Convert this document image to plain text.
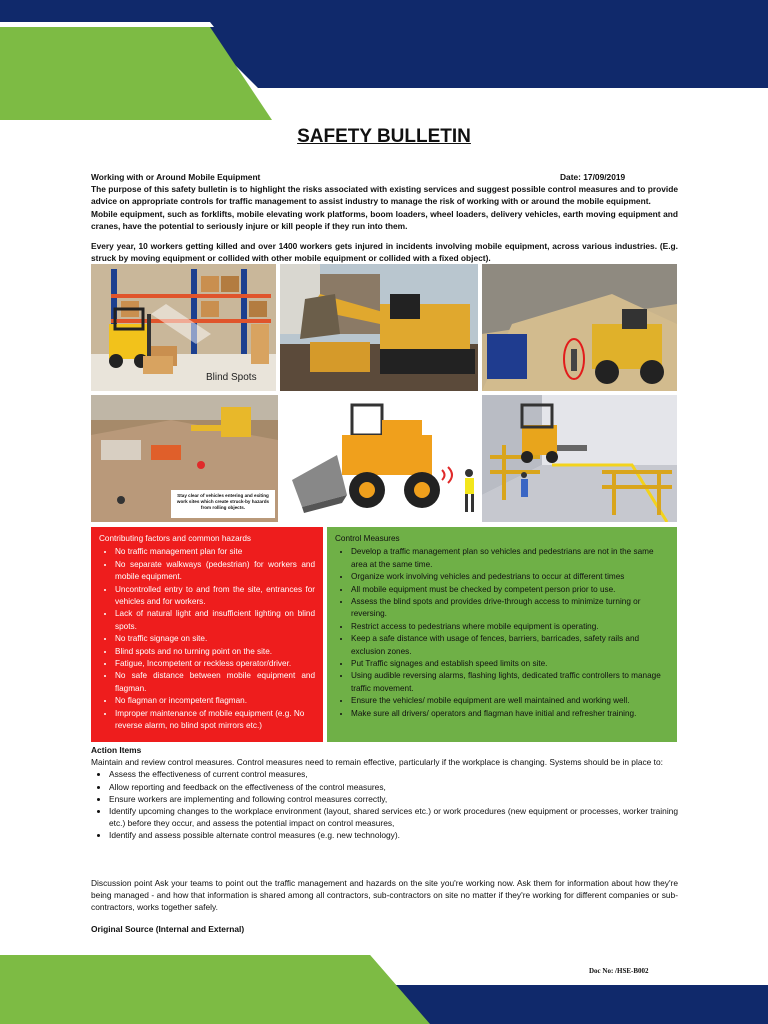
SAFETY BULLETIN
Working with or Around Mobile Equipment	Date: 17/09/2019
The purpose of this safety bulletin is to highlight the risks associated with existing services and suggest possible control measures and to provide advice on appropriate controls for traffic management to assist industry to manage the risk of working with or around the mobile equipment.
Mobile equipment, such as forklifts, mobile elevating work platforms, boom loaders, wheel loaders, delivery vehicles, earth moving equipment and cranes, have the potential to seriously injure or kill people if they run into them.
Every year, 10 workers getting killed and over 1400 workers gets injured in incidents involving mobile equipment, across various industries. (E.g. struck by moving equipment or collided with other mobile equipment or collided with a fixed object).
Blind Spots
Stay clear of vehicles entering and exiting work sites which create struck-by hazards from rolling objects.
Contributing factors and common hazards
• No traffic management plan for site
• No separate walkways (pedestrian) for workers and mobile equipment.
• Uncontrolled entry to and from the site, entrances for vehicles and for workers.
• Lack of natural light and insufficient lighting on blind spots.
• No traffic signage on site.
• Blind spots and no turning point on the site.
• Fatigue, Incompetent or reckless operator/driver.
• No safe distance between mobile equipment and flagman.
• No flagman or incompetent flagman.
• Improper maintenance of mobile equipment (e.g. No reverse alarm, no blind spot mirrors etc.)
Control Measures
• Develop a traffic management plan so vehicles and pedestrians are not in the same area at the same time.
• Organize work involving vehicles and pedestrians to occur at different times
• All mobile equipment must be checked by competent person prior to use.
• Assess the blind spots and provides drive-through access to minimize turning or reversing.
• Restrict access to pedestrians where mobile equipment is operating.
• Keep a safe distance with usage of fences, barriers, barricades, safety rails and exclusion zones.
• Put Traffic signages and establish speed limits on site.
• Using audible reversing alarms, flashing lights, dedicated traffic controllers to manage traffic movement.
• Ensure the vehicles/ mobile equipment are well maintained and working well.
• Make sure all drivers/ operators and flagman have initial and refresher training.
Action Items
Maintain and review control measures. Control measures need to remain effective, particularly if the workplace is changing. Systems should be in place to:
• Assess the effectiveness of current control measures,
• Allow reporting and feedback on the effectiveness of the control measures,
• Ensure workers are implementing and following control measures correctly,
• Identify upcoming changes to the workplace environment (layout, shared services etc.) or work procedures (new equipment or processes, worker training etc.) before they occur, and assess the potential impact on control measures,
• Identify and assess possible alternate control measures (e.g. new technology).
Discussion point Ask your teams to point out the traffic management and hazards on the site you're working now. Ask them for information about how they're being managed - and how that information is shared among all contractors, sub-contractors on site no matter if they're working for different companies or sub-contractors, works together safely.
Original Source (Internal and External)
Doc No: /HSE-B002
